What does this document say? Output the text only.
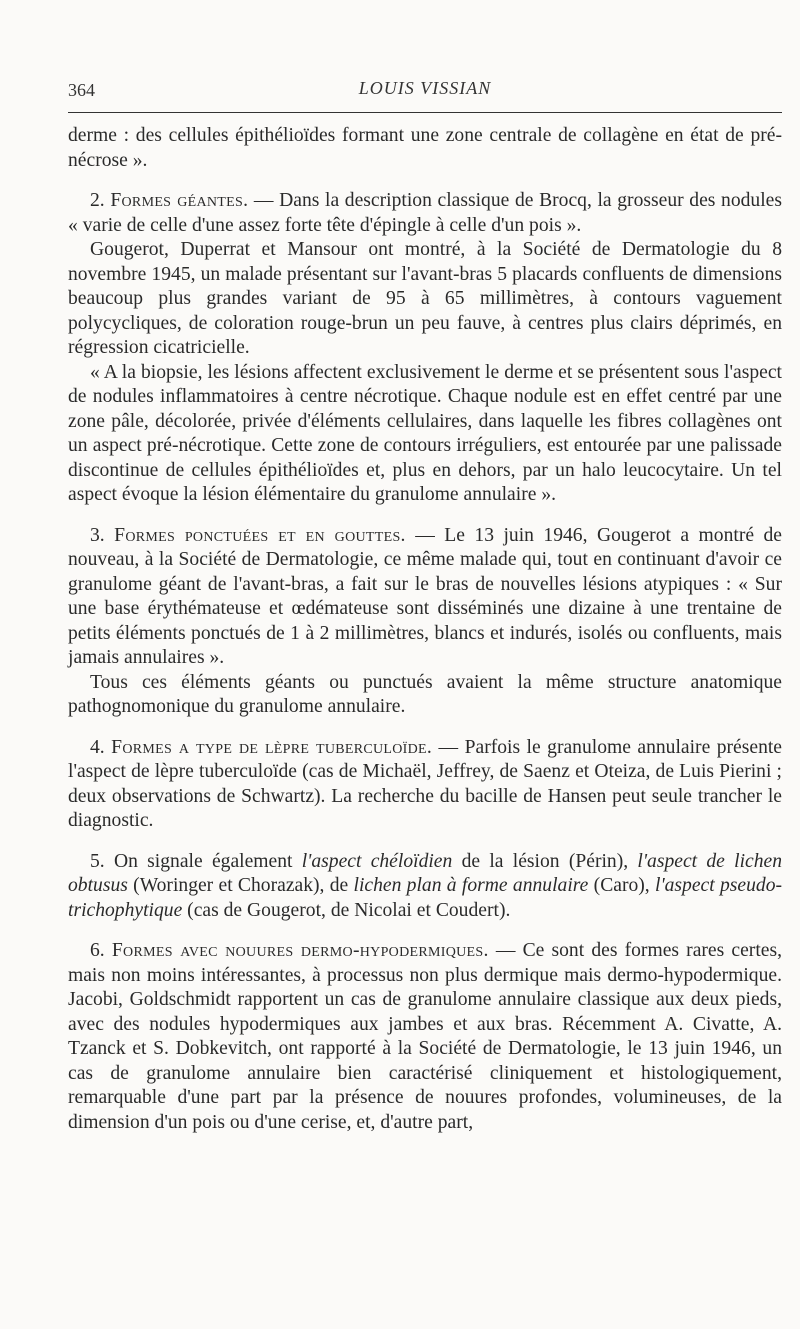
364	LOUIS VISSIAN

derme : des cellules épithélioïdes formant une zone centrale de collagène en état de pré-nécrose ».

2. Formes géantes. — Dans la description classique de Brocq, la grosseur des nodules « varie de celle d'une assez forte tête d'épingle à celle d'un pois ».

Gougerot, Duperrat et Mansour ont montré, à la Société de Dermatologie du 8 novembre 1945, un malade présentant sur l'avant-bras 5 placards confluents de dimensions beaucoup plus grandes variant de 95 à 65 millimètres, à contours vaguement polycycliques, de coloration rouge-brun un peu fauve, à centres plus clairs déprimés, en régression cicatricielle.

« A la biopsie, les lésions affectent exclusivement le derme et se présentent sous l'aspect de nodules inflammatoires à centre nécrotique. Chaque nodule est en effet centré par une zone pâle, décolorée, privée d'éléments cellulaires, dans laquelle les fibres collagènes ont un aspect pré-nécrotique. Cette zone de contours irréguliers, est entourée par une palissade discontinue de cellules épithélioïdes et, plus en dehors, par un halo leucocytaire. Un tel aspect évoque la lésion élémentaire du granulome annulaire ».

3. Formes ponctuées et en gouttes. — Le 13 juin 1946, Gougerot a montré de nouveau, à la Société de Dermatologie, ce même malade qui, tout en continuant d'avoir ce granulome géant de l'avant-bras, a fait sur le bras de nouvelles lésions atypiques : « Sur une base érythémateuse et œdémateuse sont disséminés une dizaine à une trentaine de petits éléments ponctués de 1 à 2 millimètres, blancs et indurés, isolés ou confluents, mais jamais annulaires ».

Tous ces éléments géants ou punctués avaient la même structure anatomique pathognomonique du granulome annulaire.

4. Formes a type de lèpre tuberculoïde. — Parfois le granulome annulaire présente l'aspect de lèpre tuberculoïde (cas de Michaël, Jeffrey, de Saenz et Oteiza, de Luis Pierini ; deux observations de Schwartz). La recherche du bacille de Hansen peut seule trancher le diagnostic.

5. On signale également l'aspect chéloïdien de la lésion (Périn), l'aspect de lichen obtusus (Woringer et Chorazak), de lichen plan à forme annulaire (Caro), l'aspect pseudo-trichophytique (cas de Gougerot, de Nicolai et Coudert).

6. Formes avec nouures dermo-hypodermiques. — Ce sont des formes rares certes, mais non moins intéressantes, à processus non plus dermique mais dermo-hypodermique. Jacobi, Goldschmidt rapportent un cas de granulome annulaire classique aux deux pieds, avec des nodules hypodermiques aux jambes et aux bras. Récemment A. Civatte, A. Tzanck et S. Dobkevitch, ont rapporté à la Société de Dermatologie, le 13 juin 1946, un cas de granulome annulaire bien caractérisé cliniquement et histologiquement, remarquable d'une part par la présence de nouures profondes, volumineuses, de la dimension d'un pois ou d'une cerise, et, d'autre part,
